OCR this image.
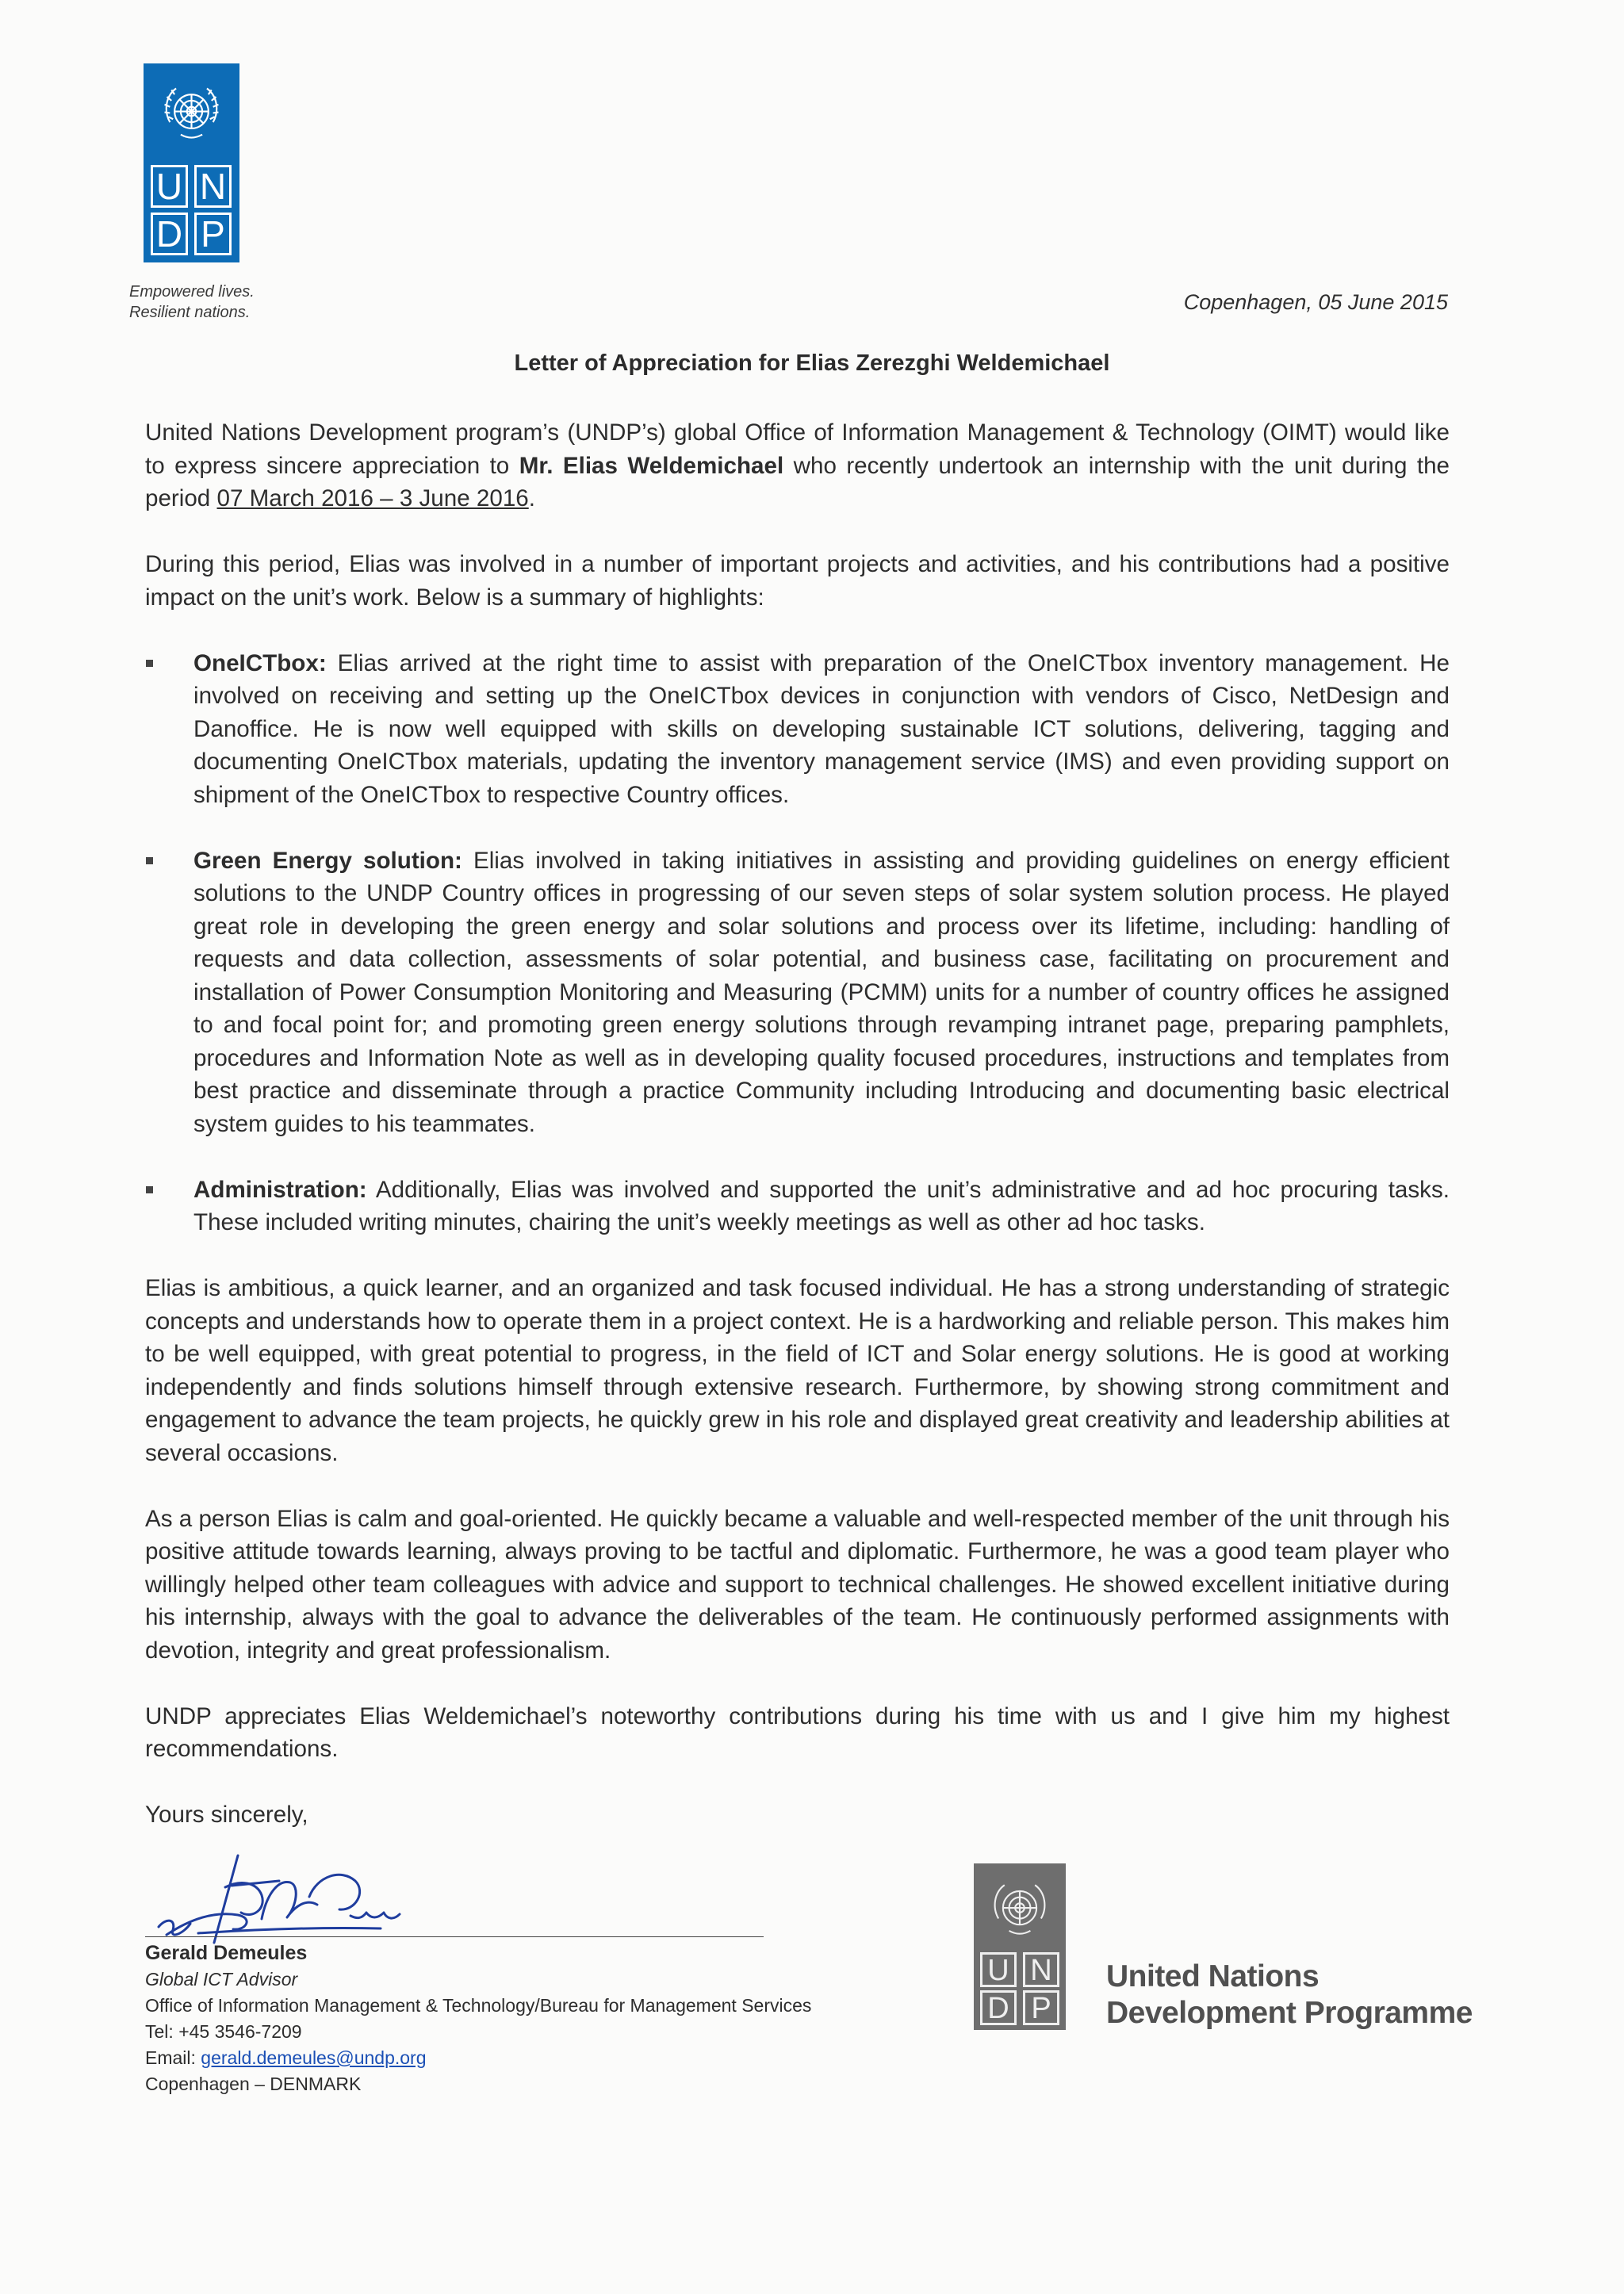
U N
D P
Empowered lives.
Resilient nations.	Copenhagen, 05 June 2015
Letter of Appreciation for Elias Zerezghi Weldemichael

United Nations Development program’s (UNDP’s) global Office of Information Management & Technology (OIMT) would like to express sincere appreciation to Mr. Elias Weldemichael who recently undertook an internship with the unit during the period 07 March 2016 – 3 June 2016.

During this period, Elias was involved in a number of important projects and activities, and his contributions had a positive impact on the unit’s work. Below is a summary of highlights:

OneICTbox: Elias arrived at the right time to assist with preparation of the OneICTbox inventory management. He involved on receiving and setting up the OneICTbox devices in conjunction with vendors of Cisco, NetDesign and Danoffice. He is now well equipped with skills on developing sustainable ICT solutions, delivering, tagging and documenting OneICTbox materials, updating the inventory management service (IMS) and even providing support on shipment of the OneICTbox to respective Country offices.
Green Energy solution: Elias involved in taking initiatives in assisting and providing guidelines on energy efficient solutions to the UNDP Country offices in progressing of our seven steps of solar system solution process. He played great role in developing the green energy and solar solutions and process over its lifetime, including: handling of requests and data collection, assessments of solar potential, and business case, facilitating on procurement and installation of Power Consumption Monitoring and Measuring (PCMM) units for a number of country offices he assigned to and focal point for; and promoting green energy solutions through revamping intranet page, preparing pamphlets, procedures and Information Note as well as in developing quality focused procedures, instructions and templates from best practice and disseminate through a practice Community including Introducing and documenting basic electrical system guides to his teammates.
Administration: Additionally, Elias was involved and supported the unit’s administrative and ad hoc procuring tasks. These included writing minutes, chairing the unit’s weekly meetings as well as other ad hoc tasks.

Elias is ambitious, a quick learner, and an organized and task focused individual. He has a strong understanding of strategic concepts and understands how to operate them in a project context. He is a hardworking and reliable person. This makes him to be well equipped, with great potential to progress, in the field of ICT and Solar energy solutions. He is good at working independently and finds solutions himself through extensive research. Furthermore, by showing strong commitment and engagement to advance the team projects, he quickly grew in his role and displayed great creativity and leadership abilities at several occasions.

As a person Elias is calm and goal-oriented. He quickly became a valuable and well-respected member of the unit through his positive attitude towards learning, always proving to be tactful and diplomatic. Furthermore, he was a good team player who willingly helped other team colleagues with advice and support to technical challenges. He showed excellent initiative during his internship, always with the goal to advance the deliverables of the team. He continuously performed assignments with devotion, integrity and great professionalism.

UNDP appreciates Elias Weldemichael’s noteworthy contributions during his time with us and I give him my highest recommendations.

Yours sincerely,

Gerald Demeules
Global ICT Advisor
Office of Information Management & Technology/Bureau for Management Services
Tel: +45 3546-7209
Email: gerald.demeules@undp.org
Copenhagen – DENMARK
U N
D P
United Nations
Development Programme
